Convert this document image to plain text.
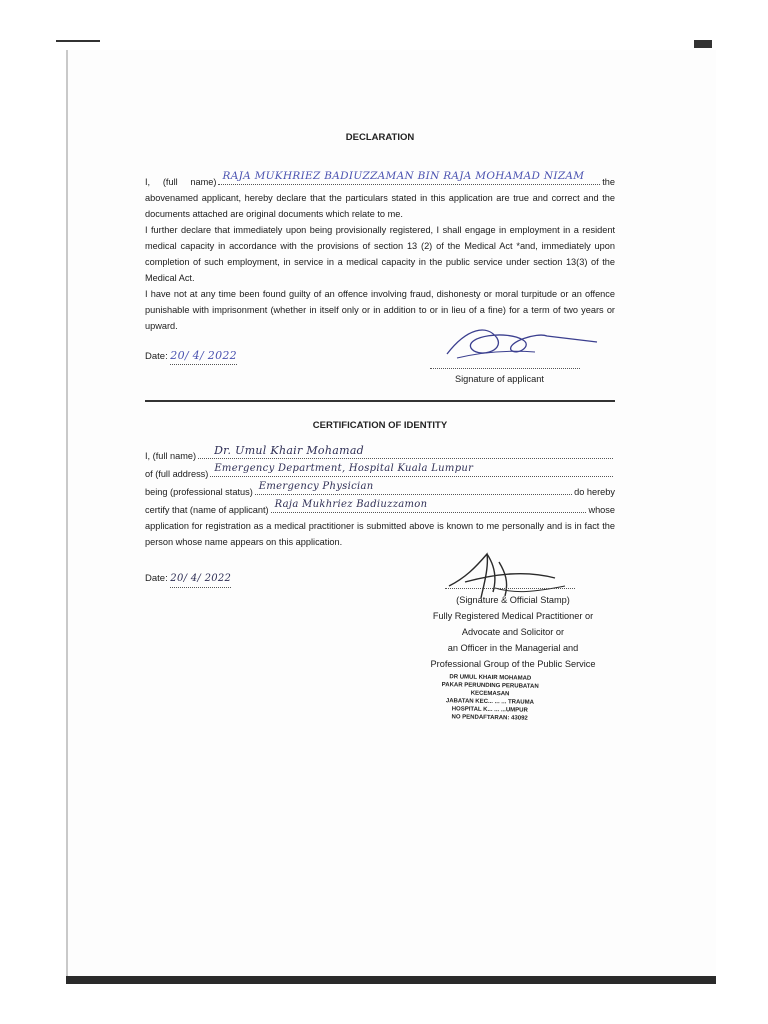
DECLARATION
I,     (full     name) RAJA MUKHRIEZ BADIUZZAMAN BIN RAJA MOHAMAD NIZAM the

abovenamed applicant, hereby declare that the particulars stated in this application are true and correct and the documents attached are original documents which relate to me.

I further declare that immediately upon being provisionally registered, I shall engage in employment in a resident medical capacity in accordance with the provisions of section 13 (2) of the Medical Act *and, immediately upon completion of such employment, in service in a medical capacity in the public service under section 13(3) of the Medical Act.

I have not at any time been found guilty of an offence involving fraud, dishonesty or moral turpitude or an offence punishable with imprisonment (whether in itself only or in addition to or in lieu of a fine) for a term of two years or upward.

Date: 20/ 4/ 2022
Signature of applicant
CERTIFICATION OF IDENTITY
I, (full name) Dr. Umul Khair Mohamad
of (full address) Emergency Department, Hospital Kuala Lumpur
being (professional status) Emergency Physician	do hereby
certify that (name of applicant) Raja Mukhriez Badiuzzamon	whose

application for registration as a medical practitioner is submitted above is known to me personally and is in fact the person whose name appears on this application.

Date: 20/ 4/ 2022
(Signature & Official Stamp)
Fully Registered Medical Practitioner or
Advocate and Solicitor or
an Officer in the Managerial and
Professional Group of the Public Service
DR UMUL KHAIR MOHAMAD
PAKAR PERUNDING PERUBATAN KECEMASAN
JABATAN KEC... ... ... TRAUMA
HOSPITAL K... ... ...UMPUR
NO PENDAFTARAN: 43092
